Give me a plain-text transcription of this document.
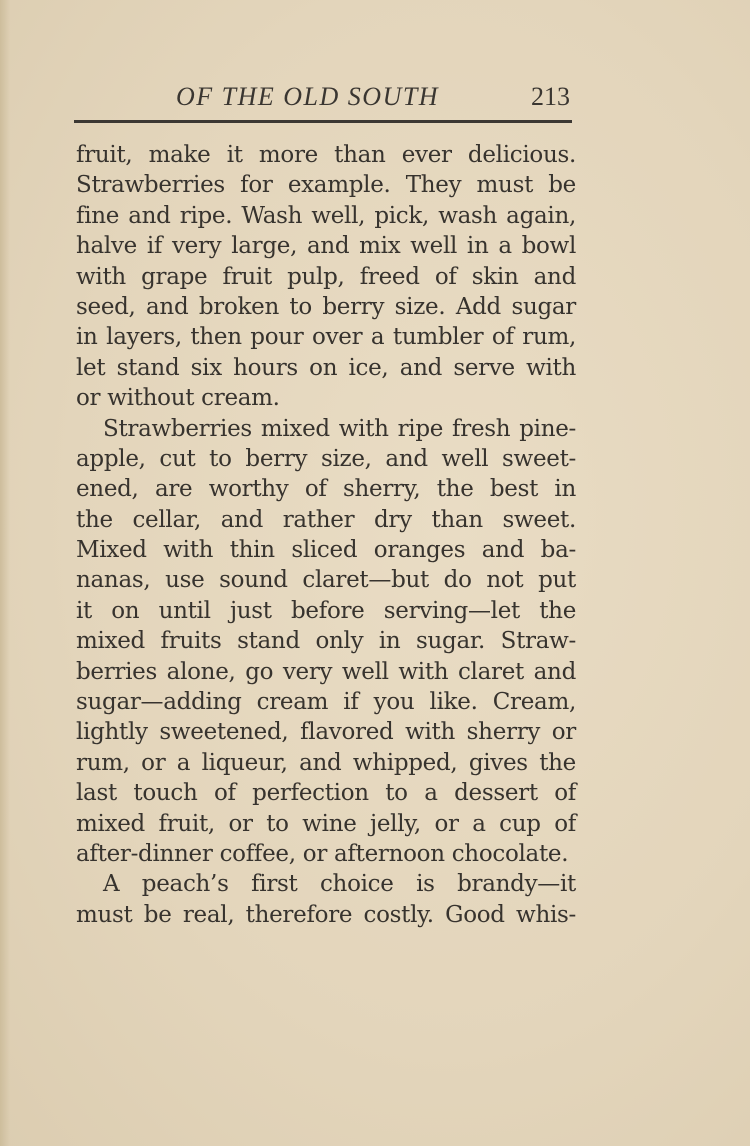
OF THE OLD SOUTH	213
fruit, make it more than ever delicious.
Strawberries for example. They must be
fine and ripe. Wash well, pick, wash again,
halve if very large, and mix well in a bowl
with grape fruit pulp, freed of skin and
seed, and broken to berry size. Add sugar
in layers, then pour over a tumbler of rum,
let stand six hours on ice, and serve with
or without cream.
Strawberries mixed with ripe fresh pine-
apple, cut to berry size, and well sweet-
ened, are worthy of sherry, the best in
the cellar, and rather dry than sweet.
Mixed with thin sliced oranges and ba-
nanas, use sound claret—but do not put
it on until just before serving—let the
mixed fruits stand only in sugar. Straw-
berries alone, go very well with claret and
sugar—adding cream if you like. Cream,
lightly sweetened, flavored with sherry or
rum, or a liqueur, and whipped, gives the
last touch of perfection to a dessert of
mixed fruit, or to wine jelly, or a cup of
after-dinner coffee, or afternoon chocolate.
A peach’s first choice is brandy—it
must be real, therefore costly. Good whis-
